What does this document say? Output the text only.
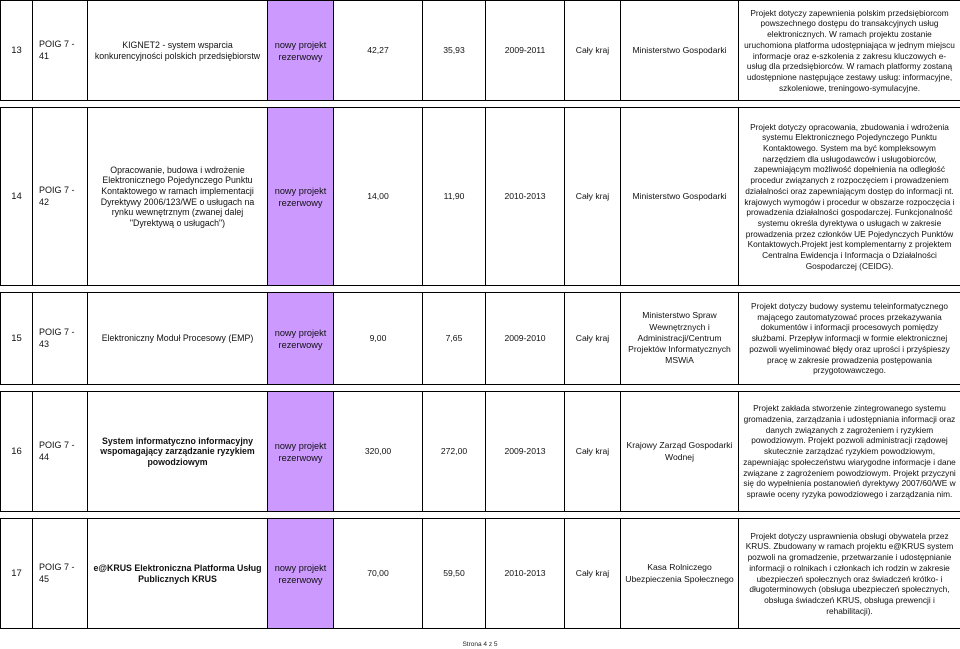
13	POIG 7 - 41	KIGNET2 - system wsparcia konkurencyjności polskich przedsiębiorstw	nowy projekt rezerwowy	42,27	35,93	2009-2011	Cały kraj	Ministerstwo Gospodarki	Projekt dotyczy zapewnienia polskim przedsiębiorcom powszechnego dostępu do transakcyjnych usług elektronicznych. W ramach projektu zostanie uruchomiona platforma udostępniająca w jednym miejscu informacje oraz e-szkolenia z zakresu kluczowych e-usług dla przedsiębiorców. W ramach platformy zostaną udostępnione następujące zestawy usług: informacyjne, szkoleniowe, treningowo-symulacyjne.

14	POIG 7 - 42	Opracowanie, budowa i wdrożenie Elektronicznego Pojedynczego Punktu Kontaktowego w ramach implementacji Dyrektywy 2006/123/WE o usługach na rynku wewnętrznym (zwanej dalej "Dyrektywą o usługach")	nowy projekt rezerwowy	14,00	11,90	2010-2013	Cały kraj	Ministerstwo Gospodarki	Projekt dotyczy opracowania, zbudowania i wdrożenia systemu Elektronicznego Pojedynczego Punktu Kontaktowego. System ma być kompleksowym narzędziem dla usługodawców i usługobiorców, zapewniającym możliwość dopełnienia na odległość procedur związanych z rozpoczęciem i prowadzeniem działalności oraz zapewniającym dostęp do informacji nt. krajowych wymogów i procedur w obszarze rozpoczęcia i prowadzenia działalności gospodarczej. Funkcjonalność systemu określa dyrektywa o usługach w zakresie prowadzenia przez członków UE Pojedynczych Punktów Kontaktowych.Projekt jest komplementarny z projektem Centralna Ewidencja i Informacja o Działalności Gospodarczej (CEIDG).

15	POIG 7 - 43	Elektroniczny Moduł Procesowy (EMP)	nowy projekt rezerwowy	9,00	7,65	2009-2010	Cały kraj	Ministerstwo Spraw Wewnętrznych i Administracji/Centrum Projektów Informatycznych MSWiA	Projekt dotyczy budowy systemu teleinformatycznego mającego zautomatyzować proces przekazywania dokumentów i informacji procesowych pomiędzy służbami. Przepływ informacji w formie elektronicznej pozwoli wyeliminować błędy oraz uprości i przyśpieszy pracę w zakresie prowadzenia postępowania przygotowawczego.

16	POIG 7 - 44	System informatyczno informacyjny wspomagający zarządzanie ryzykiem powodziowym	nowy projekt rezerwowy	320,00	272,00	2009-2013	Cały kraj	Krajowy Zarząd Gospodarki Wodnej	Projekt zakłada stworzenie zintegrowanego systemu gromadzenia, zarządzania i udostępniania informacji oraz danych związanych z zagrożeniem i ryzykiem powodziowym. Projekt pozwoli administracji rządowej skutecznie zarządzać ryzykiem powodziowym, zapewniając społeczeństwu wiarygodne informacje i dane związane z zagrożeniem powodziowym. Projekt przyczyni się do wypełnienia postanowień dyrektywy 2007/60/WE w sprawie oceny ryzyka powodziowego i zarządzania nim.

17	POIG 7 - 45	e@KRUS Elektroniczna Platforma Usług Publicznych KRUS	nowy projekt rezerwowy	70,00	59,50	2010-2013	Cały kraj	Kasa Rolniczego Ubezpieczenia Społecznego	Projekt dotyczy usprawnienia obsługi obywatela przez KRUS. Zbudowany w ramach projektu e@KRUS system pozwoli na gromadzenie, przetwarzanie i udostępnianie informacji o rolnikach i członkach ich rodzin w zakresie ubezpieczeń społecznych oraz świadczeń krótko- i długoterminowych (obsługa ubezpieczeń społecznych, obsługa świadczeń KRUS, obsługa prewencji i rehabilitacji).
Strona 4 z 5
